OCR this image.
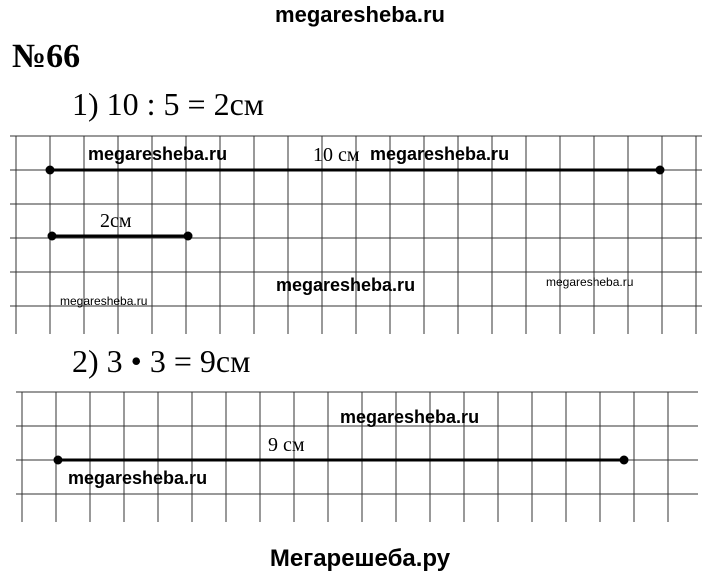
megaresheba.ru
№66
1) 10 : 5 = 2см
10 см
2см
2) 3 • 3 = 9см
9 см
megaresheba.ru	megaresheba.ru
megaresheba.ru	megaresheba.ru
megaresheba.ru
megaresheba.ru
megaresheba.ru
Мегарешеба.ру
